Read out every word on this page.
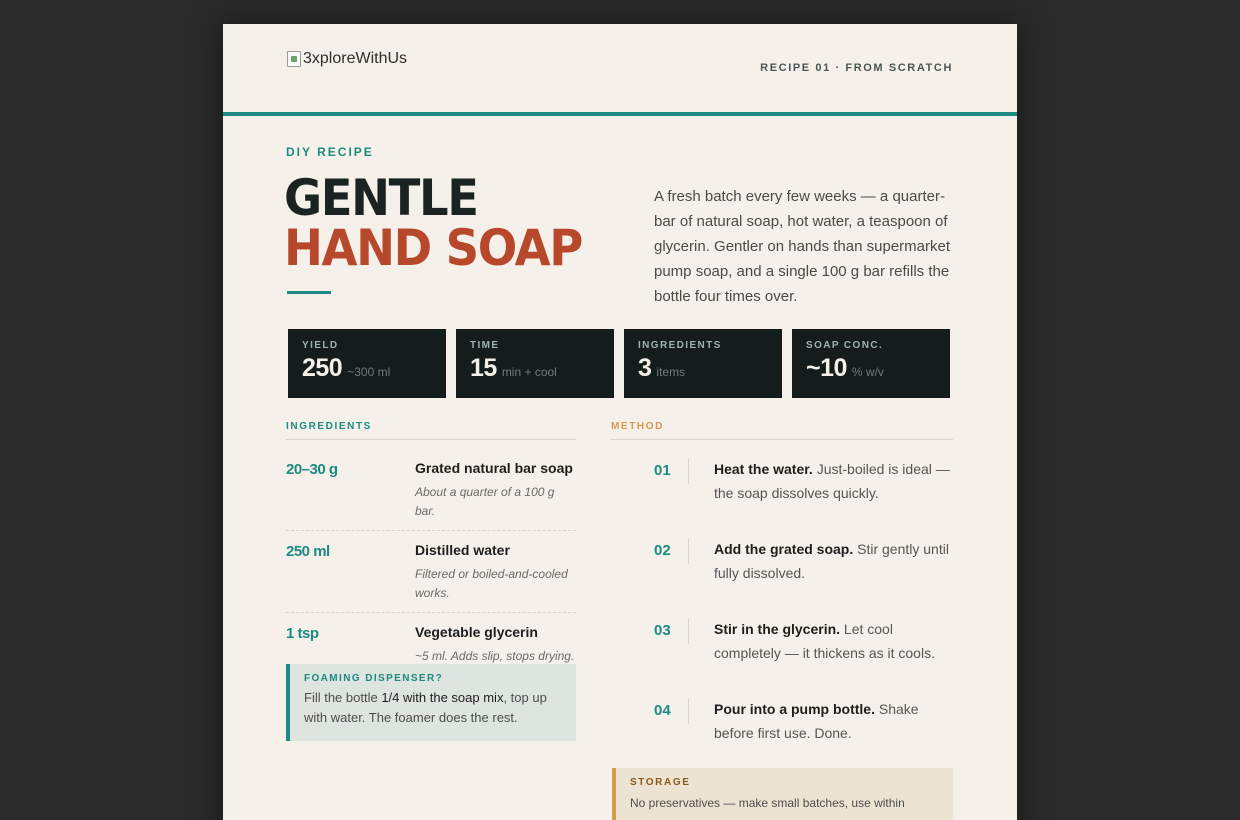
3xploreWithUs
RECIPE 01 · FROM SCRATCH
DIY RECIPE
GENTLE
HAND SOAP

A fresh batch every few weeks — a quarter-bar of natural soap, hot water, a teaspoon of glycerin. Gentler on hands than supermarket pump soap, and a single 100 g bar refills the bottle four times over.

YIELD
250 ~300 ml
TIME
15 min + cool
INGREDIENTS
3 items
SOAP CONC.
~10 % w/v
INGREDIENTS	METHOD
20–30 g	Grated natural bar soap
About a quarter of a 100 g bar.
250 ml	Distilled water
Filtered or boiled-and-cooled works.
1 tsp	Vegetable glycerin
~5 ml. Adds slip, stops drying.
FOAMING DISPENSER?
Fill the bottle 1/4 with the soap mix, top up with water. The foamer does the rest.
01	Heat the water. Just-boiled is ideal — the soap dissolves quickly.
02	Add the grated soap. Stir gently until fully dissolved.
03	Stir in the glycerin. Let cool completely — it thickens as it cools.
04	Pour into a pump bottle. Shake before first use. Done.
STORAGE
No preservatives — make small batches, use within
